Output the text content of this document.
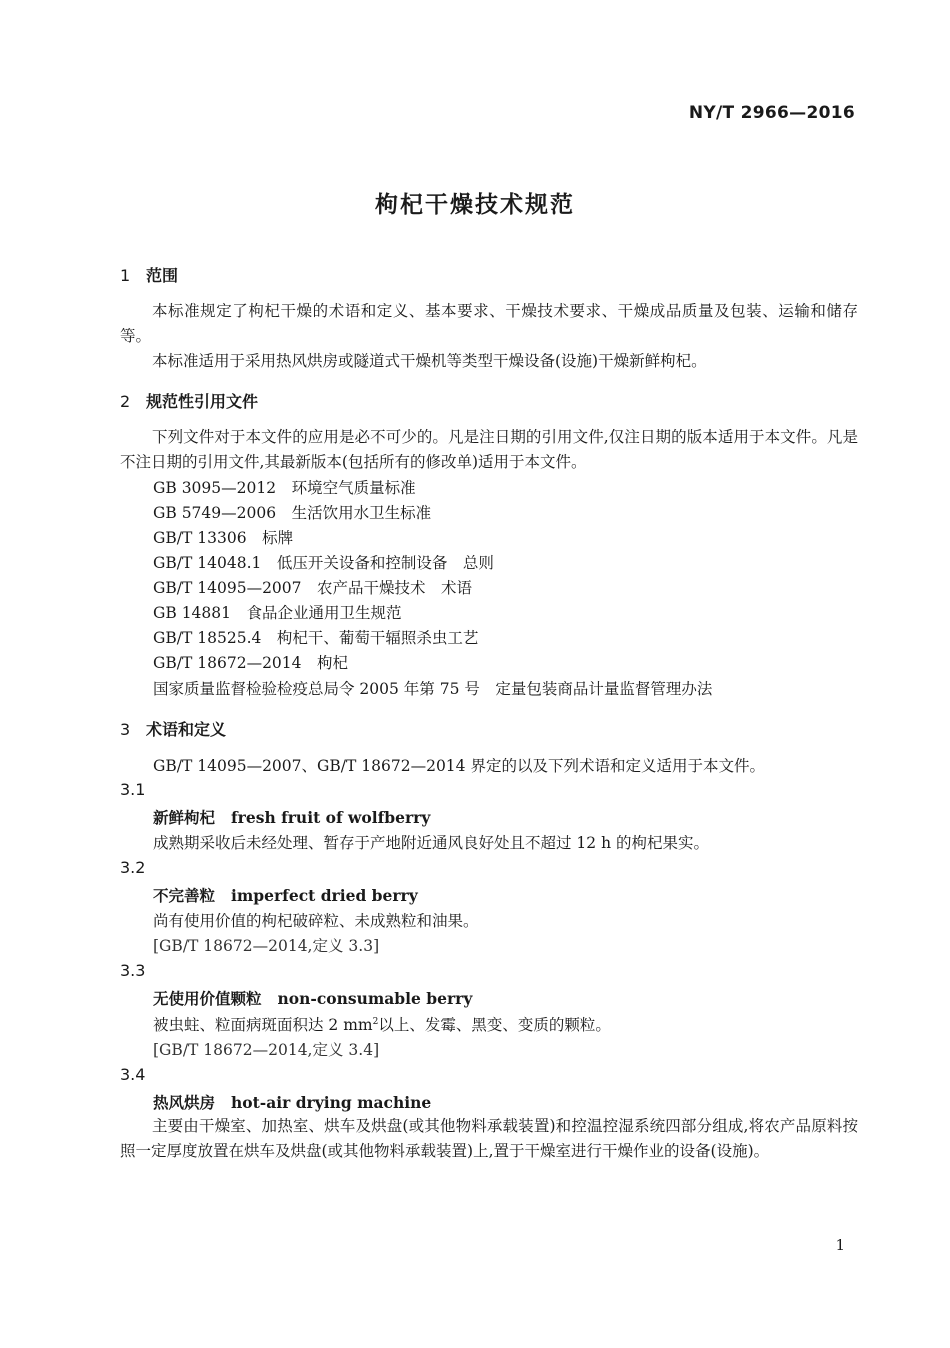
NY/T 2966—2016
枸杞干燥技术规范
1 范围
本标准规定了枸杞干燥的术语和定义、基本要求、干燥技术要求、干燥成品质量及包装、运输和储存等。
本标准适用于采用热风烘房或隧道式干燥机等类型干燥设备(设施)干燥新鲜枸杞。
2 规范性引用文件
下列文件对于本文件的应用是必不可少的。凡是注日期的引用文件,仅注日期的版本适用于本文件。凡是不注日期的引用文件,其最新版本(包括所有的修改单)适用于本文件。
GB 3095—2012　 环境空气质量标准
GB 5749—2006　 生活饮用水卫生标准
GB/T 13306　 标牌
GB/T 14048.1　 低压开关设备和控制设备　总则
GB/T 14095—2007　 农产品干燥技术　术语
GB 14881　 食品企业通用卫生规范
GB/T 18525.4　 枸杞干、葡萄干辐照杀虫工艺
GB/T 18672—2014　 枸杞
国家质量监督检验检疫总局令 2005 年第 75 号　 定量包装商品计量监督管理办法
3 术语和定义
GB/T 14095—2007、GB/T 18672—2014 界定的以及下列术语和定义适用于本文件。
3.1
新鲜枸杞 fresh fruit of wolfberry
成熟期采收后未经处理、暂存于产地附近通风良好处且不超过 12 h 的枸杞果实。
3.2
不完善粒 imperfect dried berry
尚有使用价值的枸杞破碎粒、未成熟粒和油果。
[GB/T 18672—2014,定义 3.3]
3.3
无使用价值颗粒 non-consumable berry
被虫蛀、粒面病斑面积达 2 $mm^2$以上、发霉、黑变、变质的颗粒。
[GB/T 18672—2014,定义 3.4]
3.4
热风烘房 hot-air drying machine
主要由干燥室、加热室、烘车及烘盘(或其他物料承载装置)和控温控湿系统四部分组成,将农产品原料按照一定厚度放置在烘车及烘盘(或其他物料承载装置)上,置于干燥室进行干燥作业的设备(设施)。
1
